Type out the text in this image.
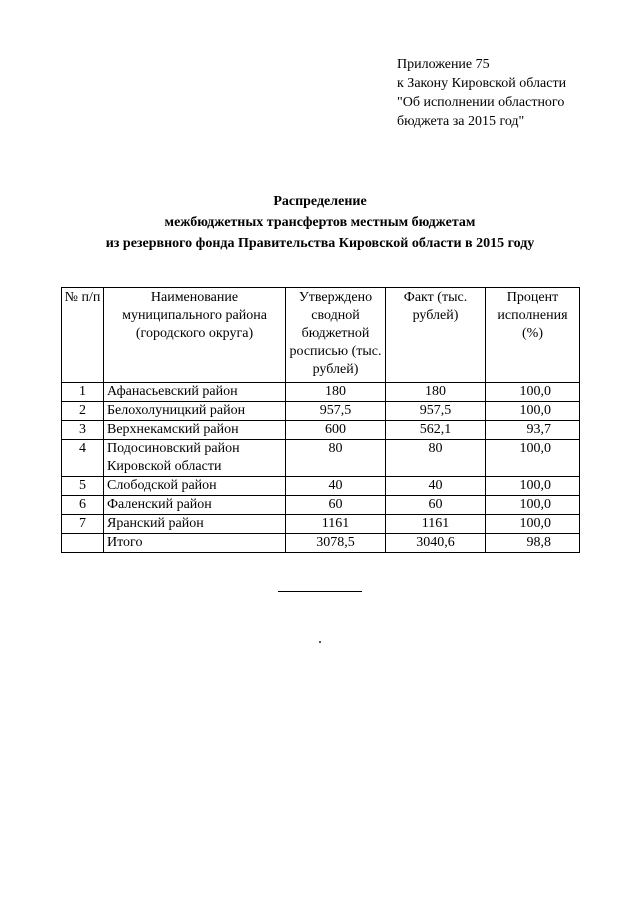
Приложение 75
к Закону Кировской области
"Об исполнении областного
бюджета за 2015 год"
Распределение
межбюджетных трансфертов местным бюджетам
из резервного фонда Правительства Кировской области в 2015 году
№ п/п	Наименование муниципального района (городского округа)	Утверждено сводной бюджетной росписью (тыс. рублей)	Факт (тыс. рублей)	Процент исполнения (%)
1	Афанасьевский район	180	180	100,0
2	Белохолуницкий район	957,5	957,5	100,0
3	Верхнекамский район	600	562,1	93,7
4	Подосиновский район Кировской области	80	80	100,0
5	Слободской район	40	40	100,0
6	Фаленский район	60	60	100,0
7	Яранский район	1161	1161	100,0
	Итого	3078,5	3040,6	98,8
